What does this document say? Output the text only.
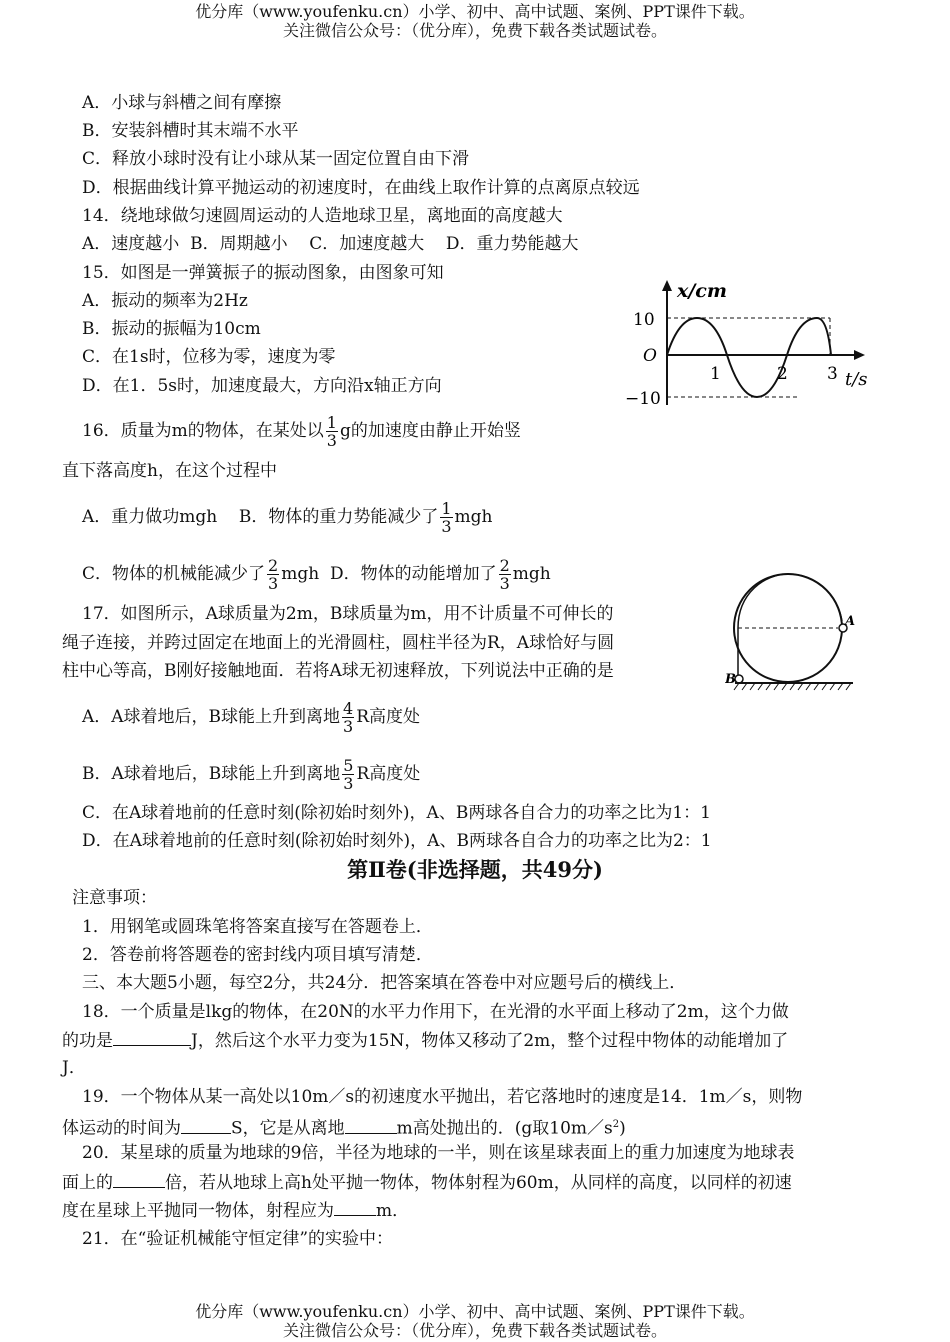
优分库（www.youfenku.cn）小学、初中、高中试题、案例、PPT课件下载。
关注微信公众号：（优分库），免费下载各类试题试卷。
A．小球与斜槽之间有摩擦
B．安装斜槽时其末端不水平
C．释放小球时没有让小球从某一固定位置自由下滑
D．根据曲线计算平抛运动的初速度时，在曲线上取作计算的点离原点较远
14．绕地球做匀速圆周运动的人造地球卫星，离地面的高度越大
A．速度越小  B．周期越小    C．加速度越大    D．重力势能越大
15．如图是一弹簧振子的振动图象，由图象可知
A．振动的频率为2Hz
B．振动的振幅为10cm
C．在1s时，位移为零，速度为零
D．在1．5s时，加速度最大，方向沿x轴正方向
x/cm
t/s
O
10
−10
1	2 3
16．质量为m的物体，在某处以 $\frac{1}{3}$ g的加速度由静止开始竖
直下落高度h，在这个过程中
A．重力做功mgh    B．物体的重力势能减少了 $\frac{1}{3}$ mgh
C．物体的机械能减少了 $\frac{2}{3}$ mgh  D．物体的动能增加了 $\frac{2}{3}$ mgh
17．如图所示，A球质量为2m，B球质量为m，用不计质量不可伸长的
绳子连接，并跨过固定在地面上的光滑圆柱，圆柱半径为R，A球恰好与圆
柱中心等高，B刚好接触地面．若将A球无初速释放，下列说法中正确的是
A
B
A．A球着地后，B球能上升到离地 $\frac{4}{3}$ R高度处
B．A球着地后，B球能上升到离地 $\frac{5}{3}$ R高度处
C．在A球着地前的任意时刻(除初始时刻外)，A、B两球各自合力的功率之比为1：1
D．在A球着地前的任意时刻(除初始时刻外)，A、B两球各自合力的功率之比为2：1
第Ⅱ卷(非选择题，共49分)
注意事项：
1．用钢笔或圆珠笔将答案直接写在答题卷上．
2．答卷前将答题卷的密封线内项目填写清楚．
三、本大题5小题，每空2分，共24分．把答案填在答卷中对应题号后的横线上．
18．一个质量是lkg的物体，在20N的水平力作用下，在光滑的水平面上移动了2m，这个力做
的功是	J，然后这个水平力变为15N，物体又移动了2m，整个过程中物体的动能增加了
J．
19．一个物体从某一高处以10m／s的初速度水平抛出，若它落地时的速度是14．1m／s，则物
体运动的时间为	S，它是从离地	m高处抛出的．(g取$10m/s^2$)
20．某星球的质量为地球的9倍，半径为地球的一半，则在该星球表面上的重力加速度为地球表
面上的	倍，若从地球上高h处平抛一物体，物体射程为60m，从同样的高度，以同样的初速
度在星球上平抛同一物体，射程应为 m．
21．在“验证机械能守恒定律”的实验中：
优分库（www.youfenku.cn）小学、初中、高中试题、案例、PPT课件下载。
关注微信公众号：（优分库），免费下载各类试题试卷。
